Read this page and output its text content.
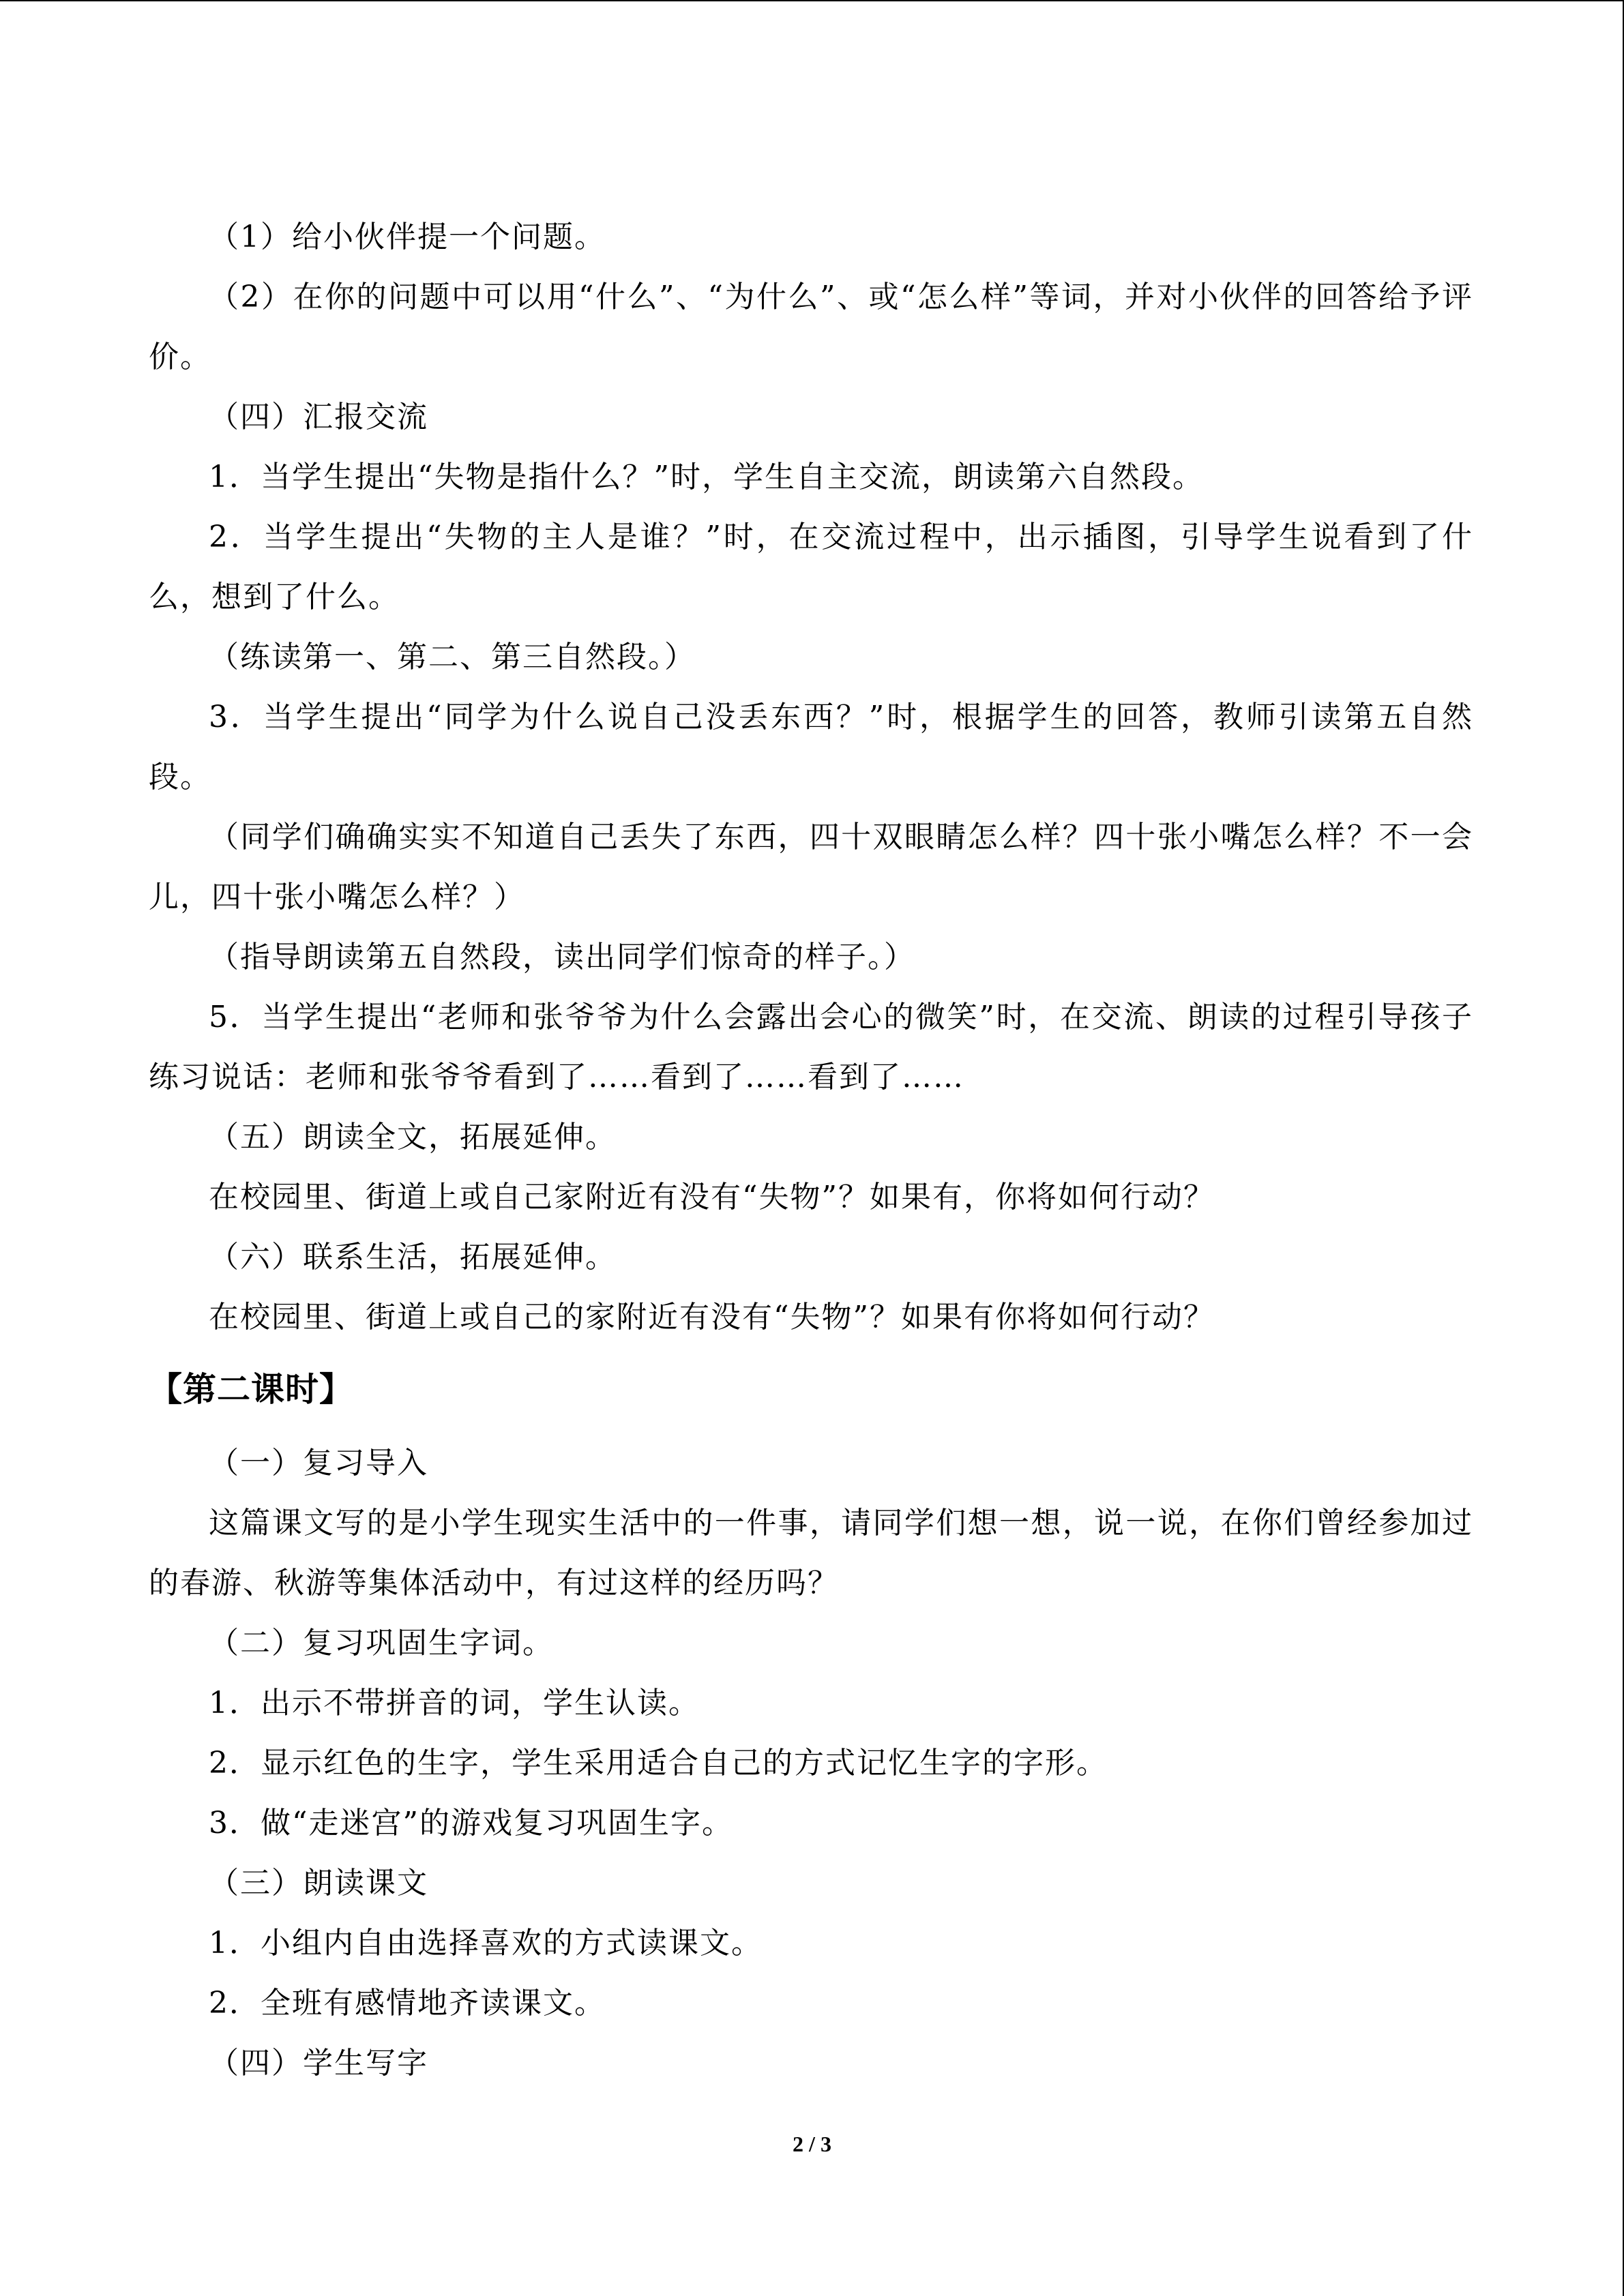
（1）给小伙伴提一个问题。

（2）在你的问题中可以用“什么”、“为什么”、或“怎么样”等词，并对小伙伴的回答给予评价。

（四）汇报交流

1．当学生提出“失物是指什么？”时，学生自主交流，朗读第六自然段。

2．当学生提出“失物的主人是谁？”时，在交流过程中，出示插图，引导学生说看到了什么，想到了什么。

（练读第一、第二、第三自然段。）

3．当学生提出“同学为什么说自己没丢东西？”时，根据学生的回答，教师引读第五自然段。

（同学们确确实实不知道自己丢失了东西，四十双眼睛怎么样？四十张小嘴怎么样？不一会儿，四十张小嘴怎么样？）

（指导朗读第五自然段，读出同学们惊奇的样子。）

5．当学生提出“老师和张爷爷为什么会露出会心的微笑”时，在交流、朗读的过程引导孩子练习说话：老师和张爷爷看到了……看到了……看到了……

（五）朗读全文，拓展延伸。

在校园里、街道上或自己家附近有没有“失物”？如果有，你将如何行动？

（六）联系生活，拓展延伸。

在校园里、街道上或自己的家附近有没有“失物”？如果有你将如何行动？

【第二课时】

（一）复习导入

这篇课文写的是小学生现实生活中的一件事，请同学们想一想，说一说，在你们曾经参加过的春游、秋游等集体活动中，有过这样的经历吗？

（二）复习巩固生字词。

1．出示不带拼音的词，学生认读。

2．显示红色的生字，学生采用适合自己的方式记忆生字的字形。

3．做“走迷宫”的游戏复习巩固生字。

（三）朗读课文

1．小组内自由选择喜欢的方式读课文。

2．全班有感情地齐读课文。

（四）学生写字

2 / 3
